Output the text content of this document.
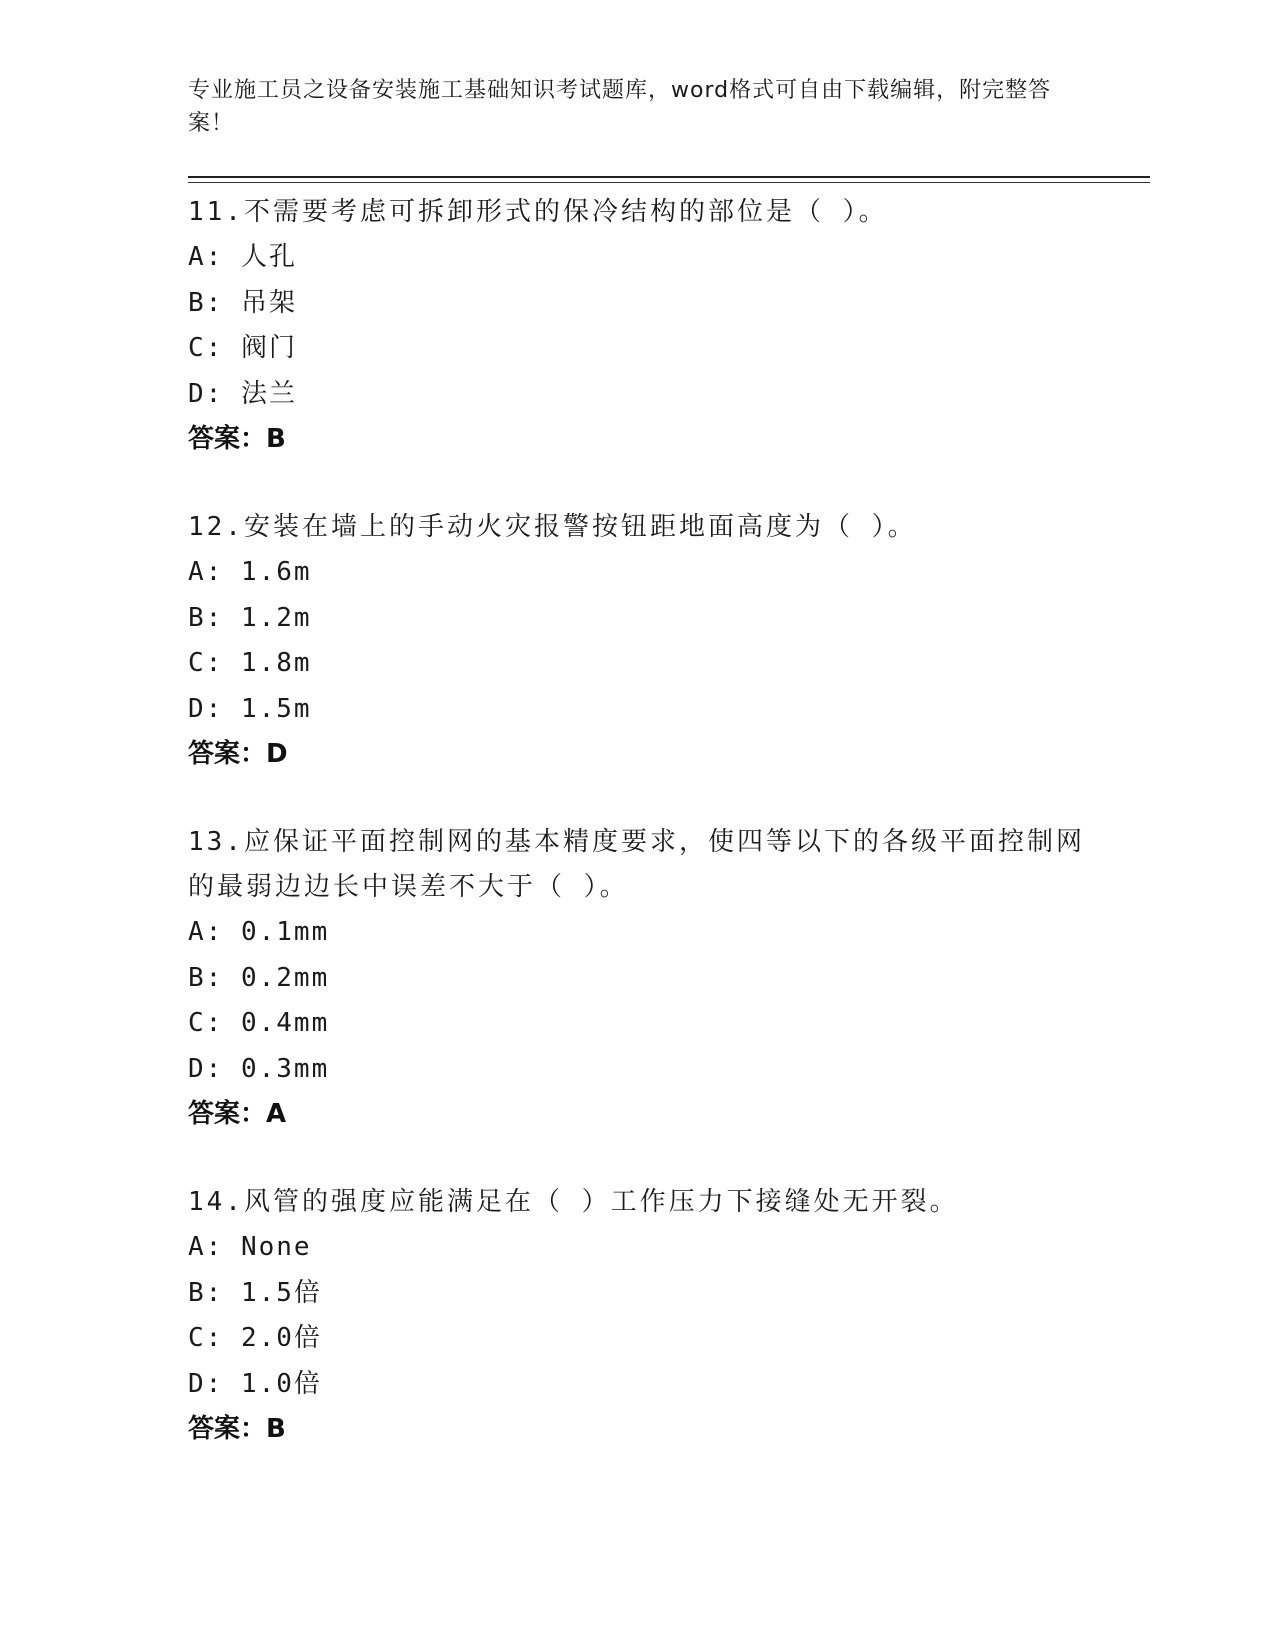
专业施工员之设备安装施工基础知识考试题库，word格式可自由下载编辑，附完整答案！

11.不需要考虑可拆卸形式的保冷结构的部位是（ ）。

A: 人孔

B: 吊架

C: 阀门

D: 法兰

答案：B

12.安装在墙上的手动火灾报警按钮距地面高度为（ ）。

A: 1.6m

B: 1.2m

C: 1.8m

D: 1.5m

答案：D

13.应保证平面控制网的基本精度要求，使四等以下的各级平面控制网的最弱边边长中误差不大于（ ）。

A: 0.1mm

B: 0.2mm

C: 0.4mm

D: 0.3mm

答案：A

14.风管的强度应能满足在（ ）工作压力下接缝处无开裂。

A: None

B: 1.5倍

C: 2.0倍

D: 1.0倍

答案：B
